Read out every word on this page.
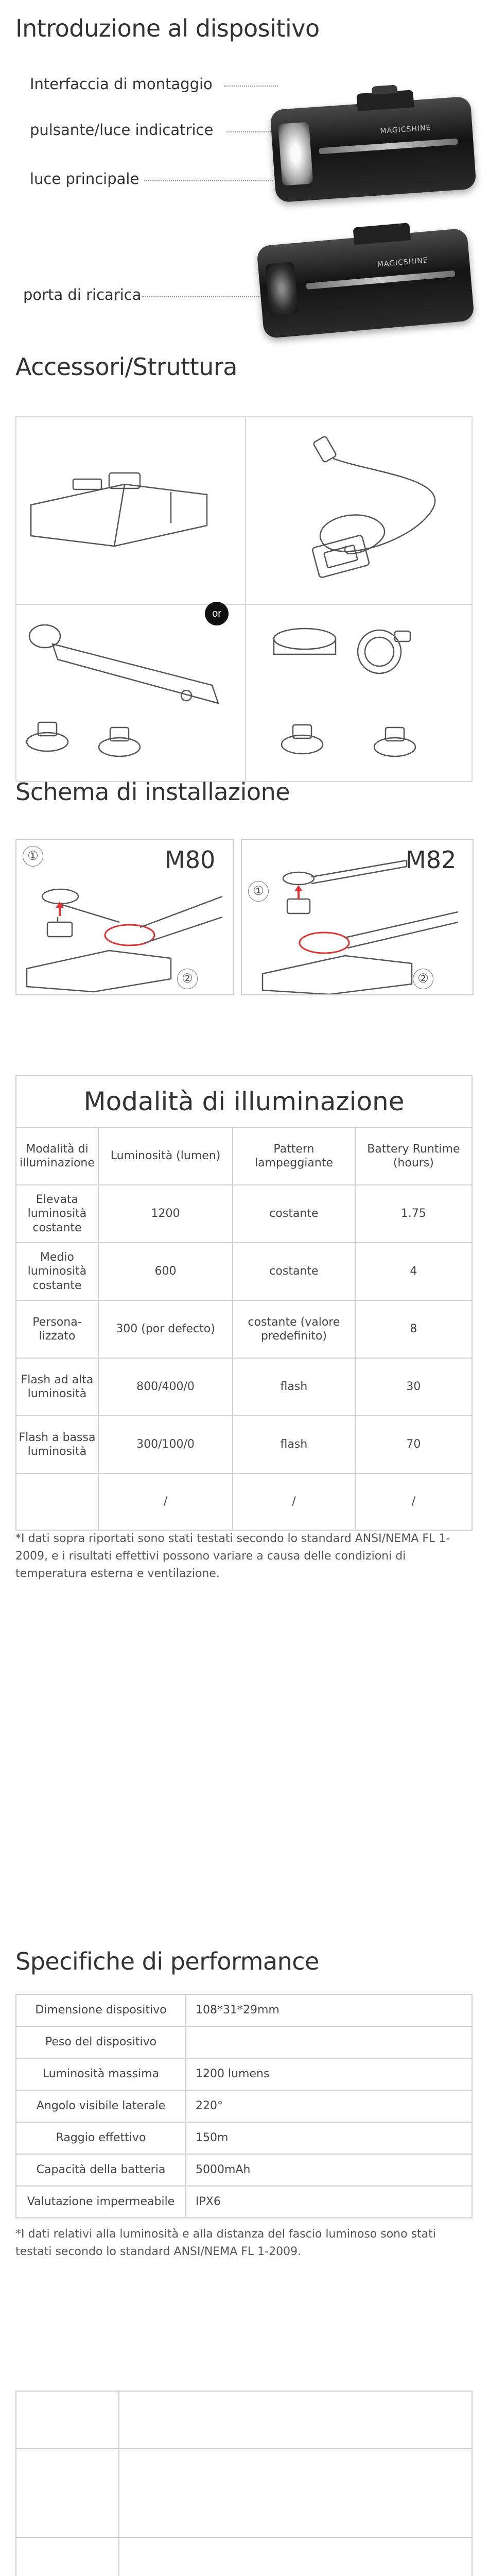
Introduzione al dispositivo
Interfaccia di montaggio
pulsante/luce indicatrice
luce principale
porta di ricarica
MAGICSHINE
MAGICSHINE
Accessori/Struttura
or
Schema di installazione
M80
①
②
M82
①
②
Modalità di illuminazione			
Modalità di illuminazione	Luminosità (lumen)	Pattern lampeggiante	Battery Runtime (hours)
Elevata luminosità costante	1200	costante	1.75
Medio luminosità costante	600	costante	4
Persona- lizzato	300 (por defecto)	costante (valore predefinito)	8
Flash ad alta luminosità	800/400/0	flash	30
Flash a bassa luminosità	300/100/0	flash	70
	/	/	/
*I dati sopra riportati sono stati testati secondo lo standard ANSI/NEMA FL 1-2009, e i risultati effettivi possono variare a causa delle condizioni di temperatura esterna e ventilazione.
Specifiche di performance
Dimensione dispositivo	108*31*29mm
Peso del dispositivo	
Luminosità massima	1200 lumens
Angolo visibile laterale	220°
Raggio effettivo	150m
Capacità della batteria	5000mAh
Valutazione impermeabile	IPX6
*I dati relativi alla luminosità e alla distanza del fascio luminoso sono stati testati secondo lo standard ANSI/NEMA FL 1-2009.
